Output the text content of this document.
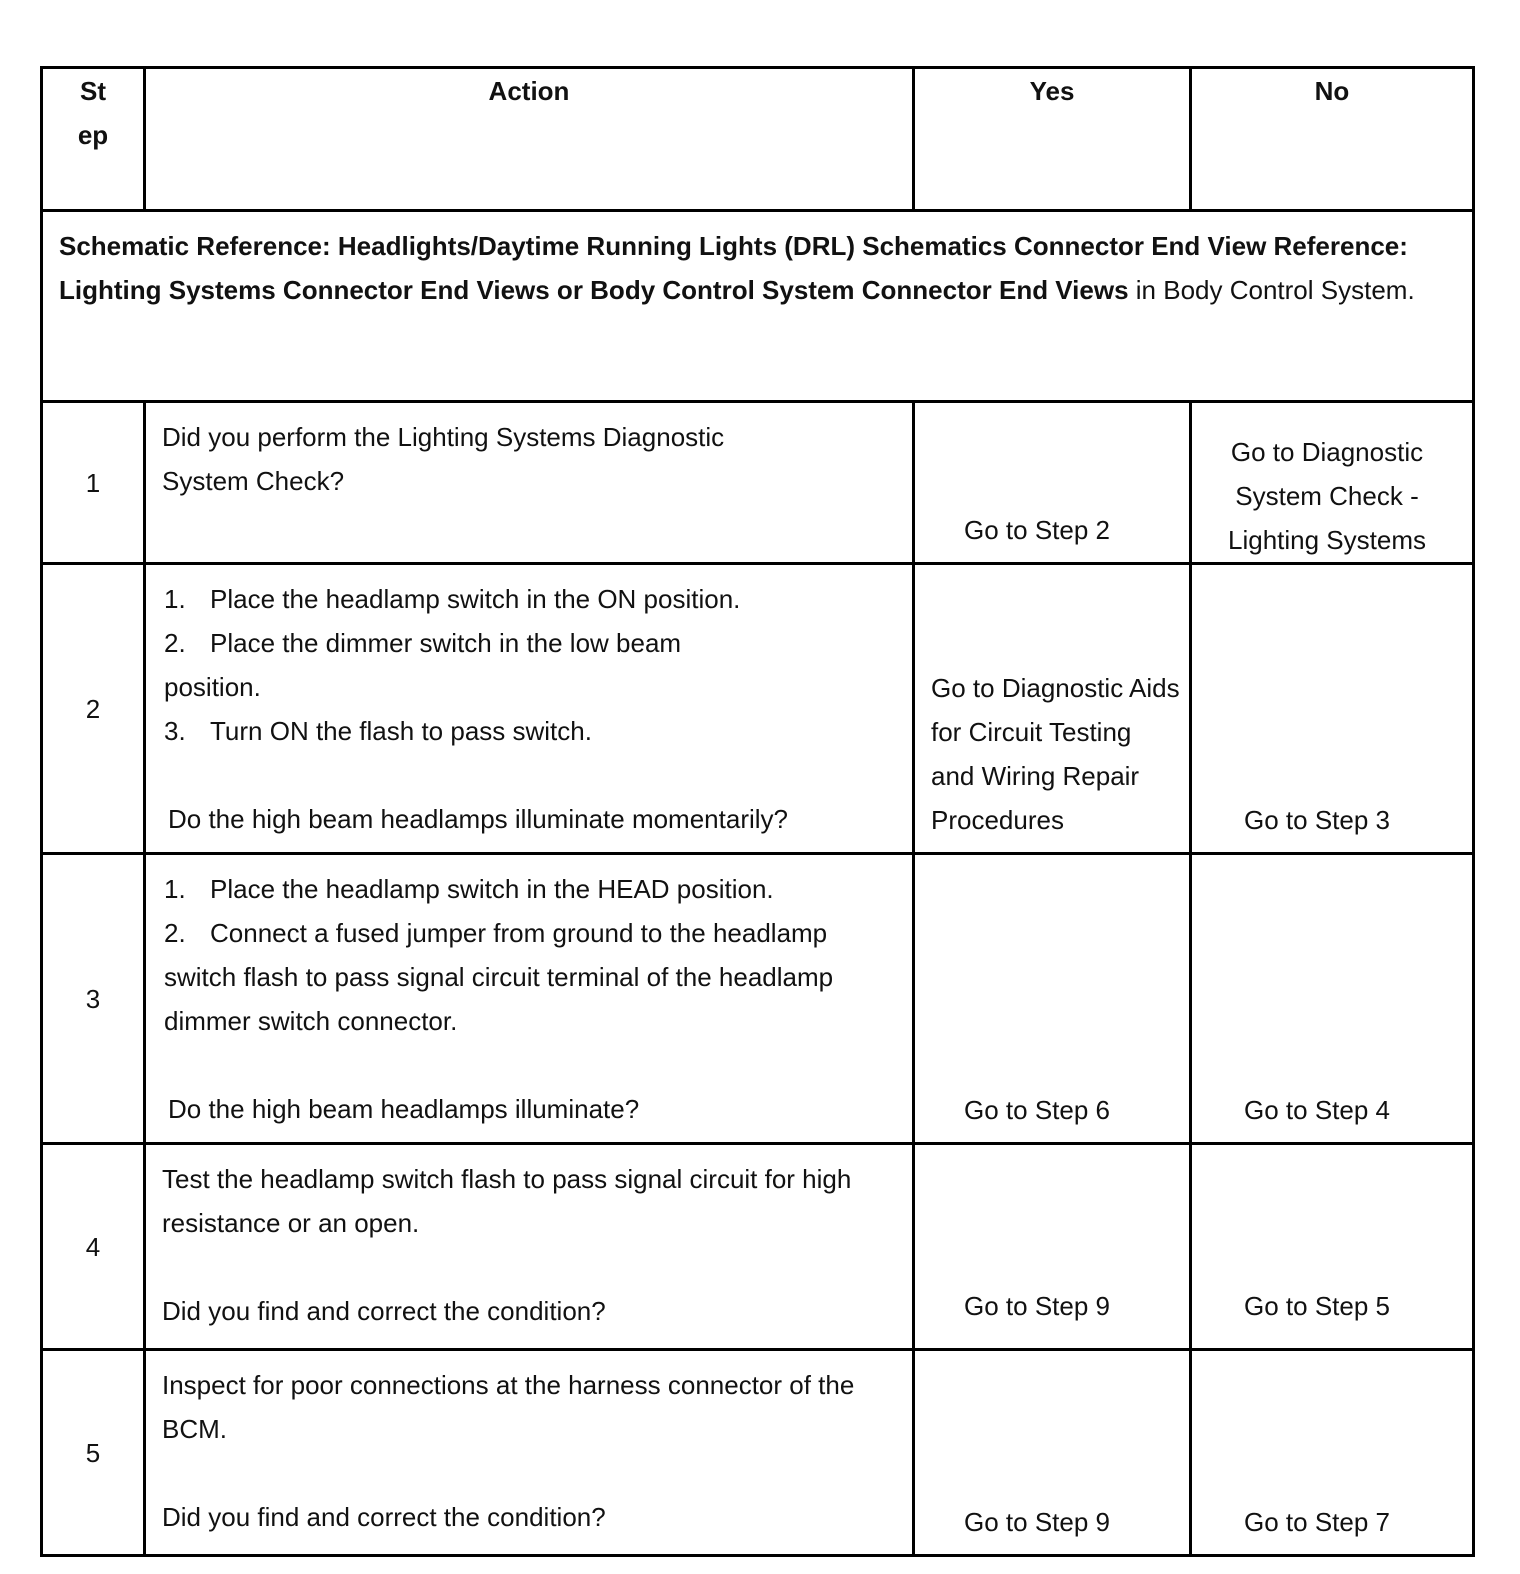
St ep	Action	Yes	No
Schematic Reference: Headlights/Daytime Running Lights (DRL) Schematics Connector End View Reference: Lighting Systems Connector End Views or Body Control System Connector End Views in Body Control System.			
1	Did you perform the Lighting Systems Diagnostic System Check?	Go to Step 2	Go to Diagnostic System Check - Lighting Systems
2	1. Place the headlamp switch in the ON position.
2. Place the dimmer switch in the low beam position.
3. Turn ON the flash to pass switch.
Do the high beam headlamps illuminate momentarily?	Go to Diagnostic Aids for Circuit Testing and Wiring Repair Procedures	Go to Step 3
3	1. Place the headlamp switch in the HEAD position.
2. Connect a fused jumper from ground to the headlamp switch flash to pass signal circuit terminal of the headlamp dimmer switch connector.
Do the high beam headlamps illuminate?	Go to Step 6	Go to Step 4
4	Test the headlamp switch flash to pass signal circuit for high resistance or an open.
Did you find and correct the condition?	Go to Step 9	Go to Step 5
5	Inspect for poor connections at the harness connector of the BCM.
Did you find and correct the condition?	Go to Step 9	Go to Step 7
